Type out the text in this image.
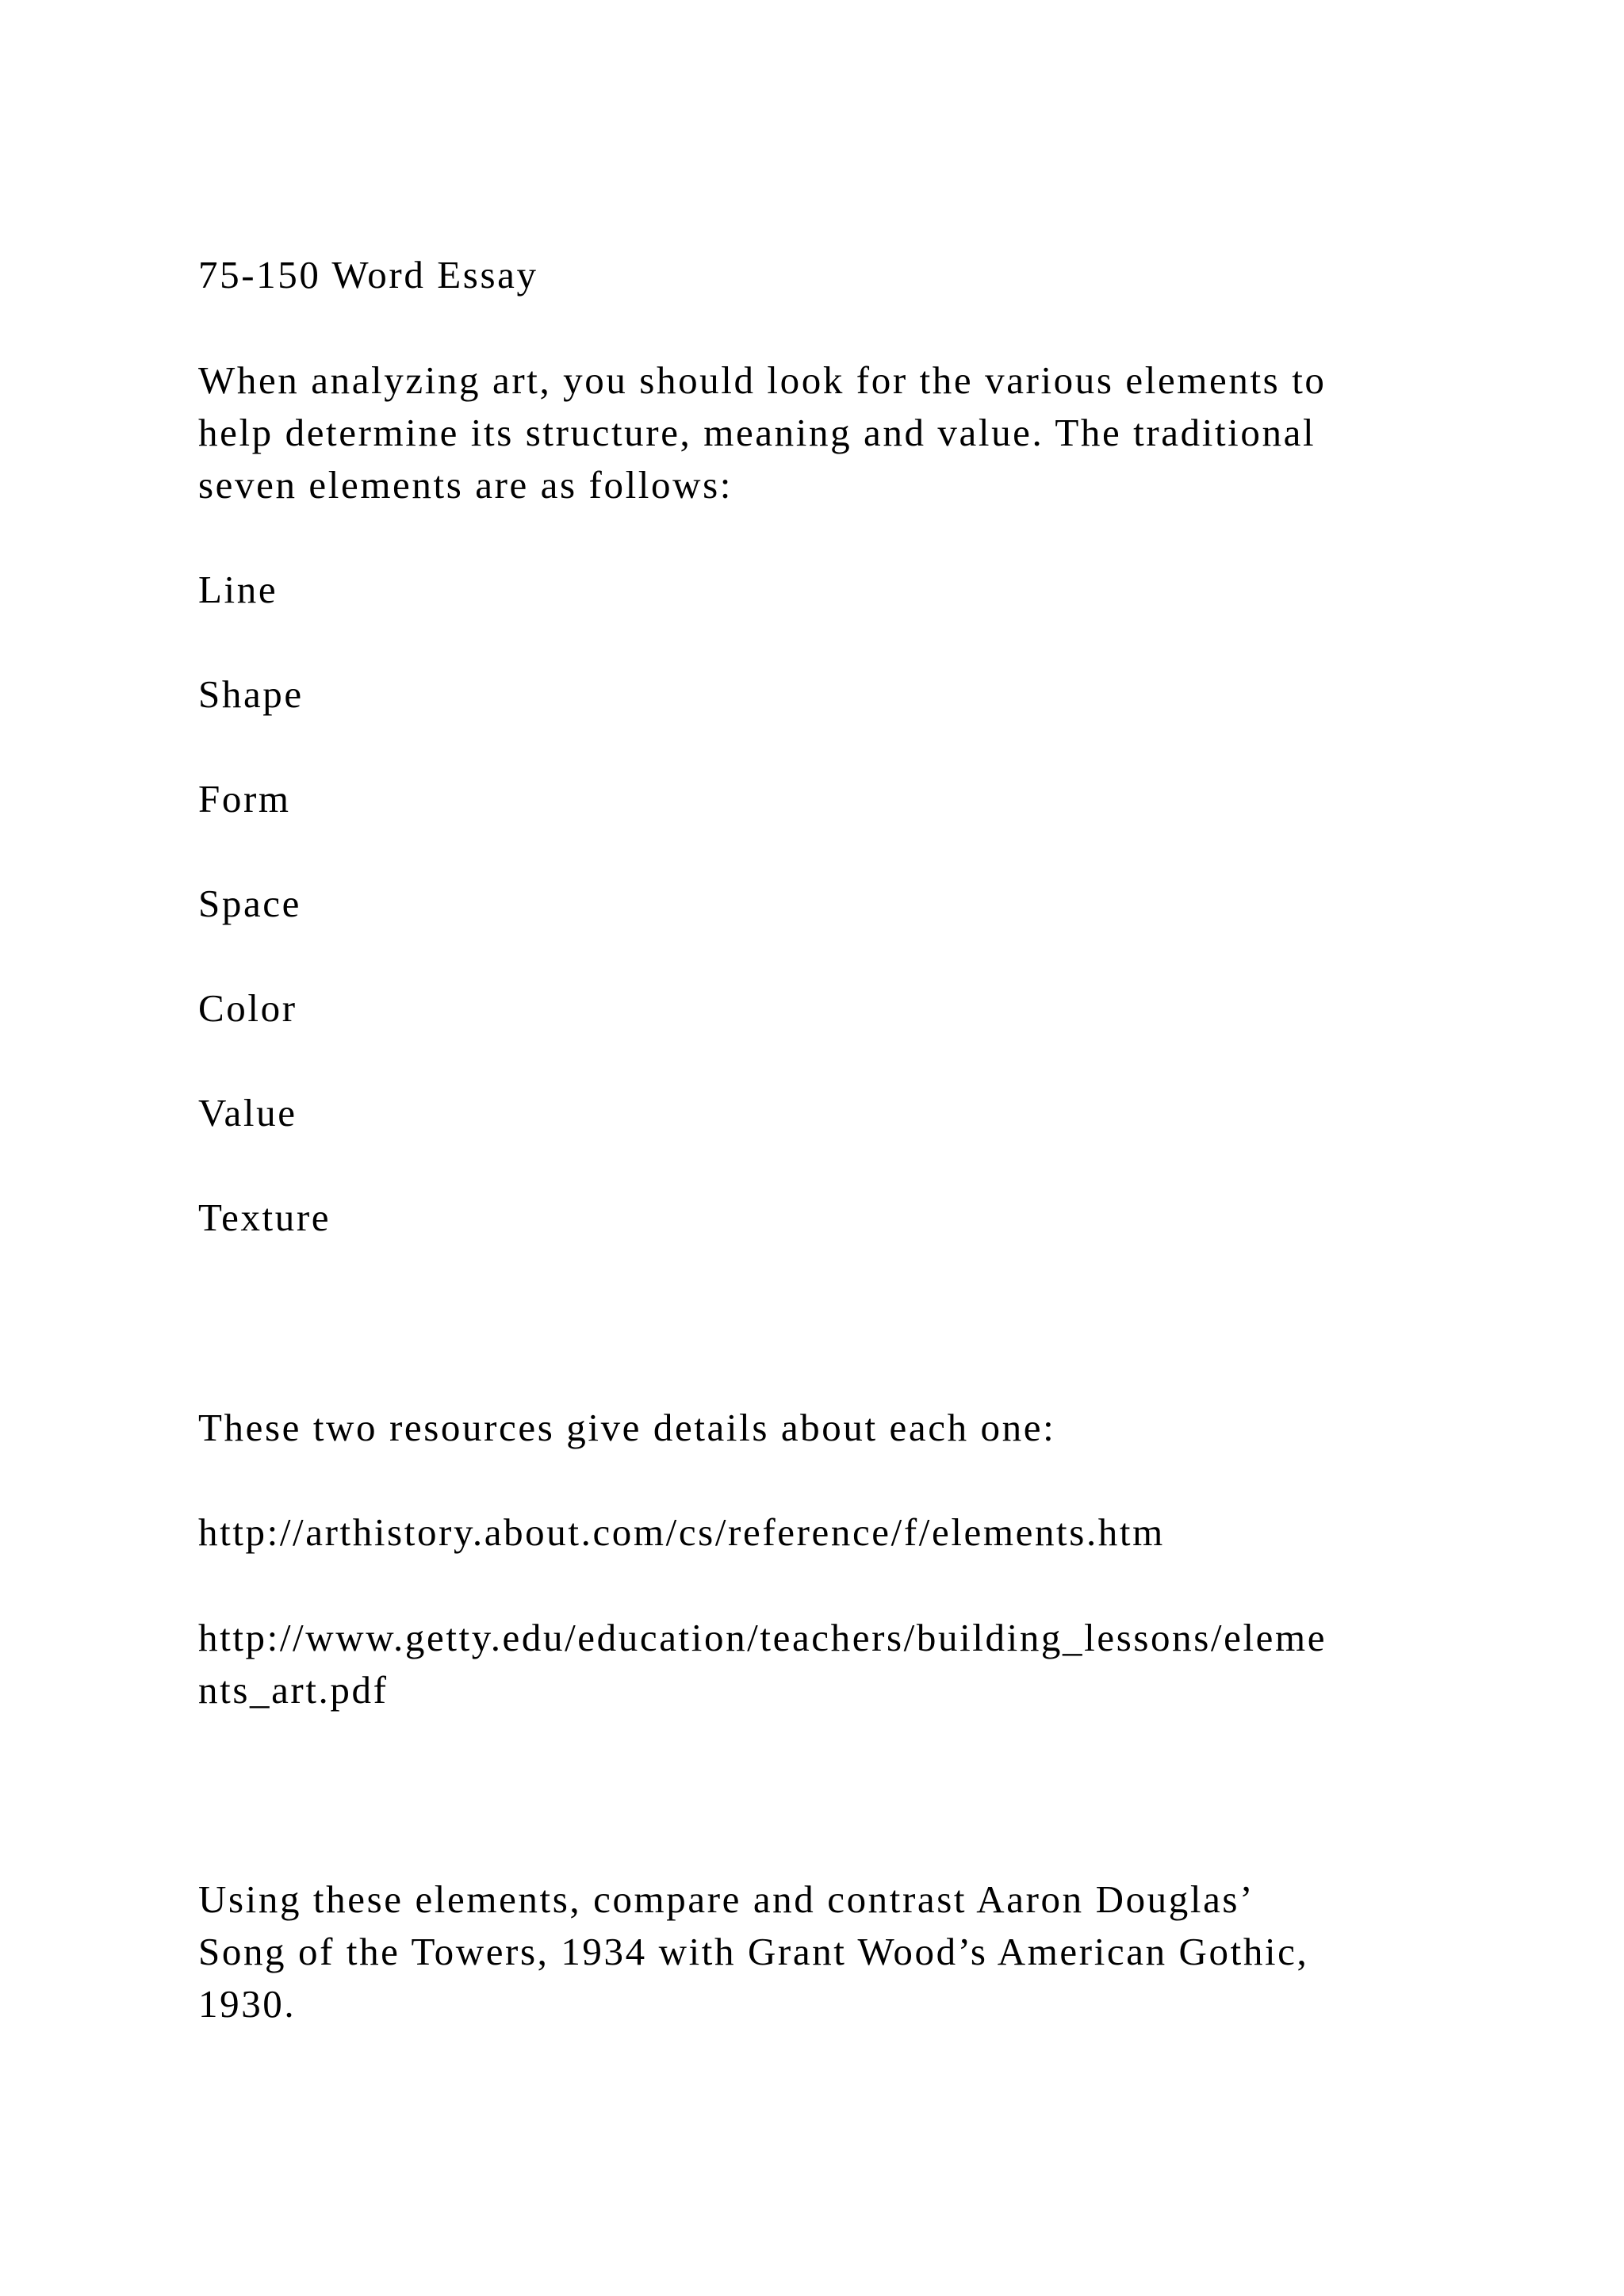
75-150 Word Essay
When analyzing art, you should look for the various elements to
help determine its structure, meaning and value. The traditional
seven elements are as follows:
Line
Shape
Form
Space
Color
Value
Texture
These two resources give details about each one:
http://arthistory.about.com/cs/reference/f/elements.htm
http://www.getty.edu/education/teachers/building_lessons/eleme
nts_art.pdf
Using these elements, compare and contrast Aaron Douglas’
Song of the Towers, 1934 with Grant Wood’s American Gothic,
1930.
